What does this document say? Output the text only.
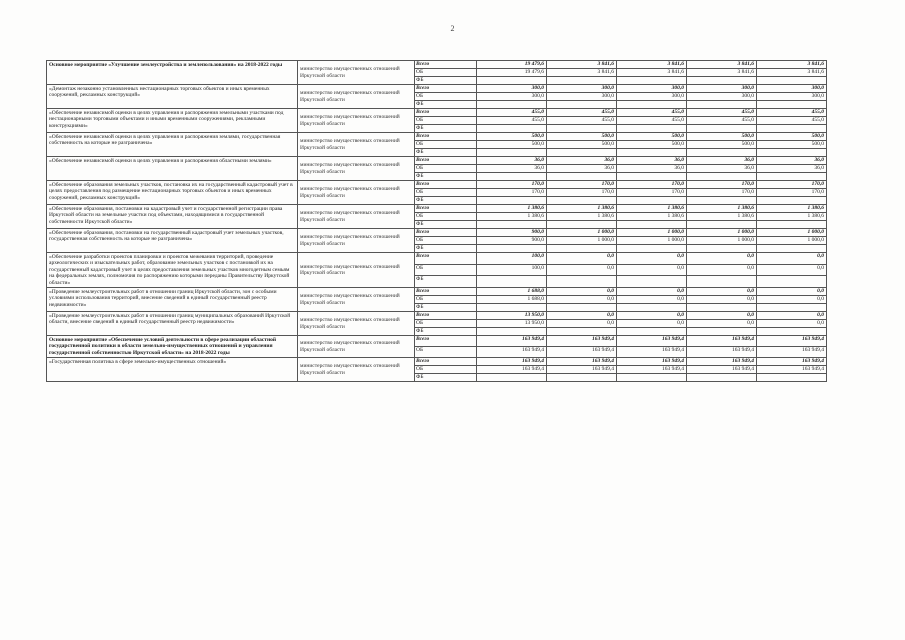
2
Основное мероприятие «Улучшение землеустройства и землепользования» на 2018-2022 годы	министерство имущественных отношений Иркутской области	Всего	19 479,6	3 841,6	3 841,6	3 841,6	3 841,6
		ОБ	19 479,6	3 841,6	3 841,6	3 841,6	3 841,6
		ФБ					
«Демонтаж незаконно установленных нестационарных торговых объектов и иных временных сооружений, рекламных конструкций»	министерство имущественных отношений Иркутской области	Всего	300,0	300,0	300,0	300,0	300,0
		ОБ	300,0	300,0	300,0	300,0	300,0
		ФБ					
«Обеспечение независимой оценки в целях управления и распоряжения земельными участками под нестационарными торговыми объектами и иными временными сооружениями, рекламными конструкциями»	министерство имущественных отношений Иркутской области	Всего	455,0	455,0	455,0	455,0	455,0
		ОБ	455,0	455,0	455,0	455,0	455,0
		ФБ					
«Обеспечение независимой оценки в целях управления и распоряжения землями, государственная собственность на которые не разграничена»	министерство имущественных отношений Иркутской области	Всего	500,0	500,0	500,0	500,0	500,0
		ОБ	500,0	500,0	500,0	500,0	500,0
		ФБ					
«Обеспечение независимой оценки в целях управления и распоряжения областными землями»	министерство имущественных отношений Иркутской области	Всего	36,0	36,0	36,0	36,0	36,0
		ОБ	36,0	36,0	36,0	36,0	36,0
		ФБ					
«Обеспечение образования земельных участков, постановка их на государственный кадастровый учет в целях предоставления под размещение нестационарных торговых объектов и иных временных сооружений, рекламных конструкций»	министерство имущественных отношений Иркутской области	Всего	170,0	170,0	170,0	170,0	170,0
		ОБ	170,0	170,0	170,0	170,0	170,0
		ФБ					
«Обеспечение образования, постановки на кадастровый учет и государственной регистрации права Иркутской области на земельные участки под объектами, находящимися в государственной собственности Иркутской области»	министерство имущественных отношений Иркутской области	Всего	1 380,6	1 380,6	1 380,6	1 380,6	1 380,6
		ОБ	1 380,6	1 380,6	1 380,6	1 380,6	1 380,6
		ФБ					
«Обеспечение образования, постановки на государственный кадастровый учет земельных участков, государственная собственность на которые не разграничена»	министерство имущественных отношений Иркутской области	Всего	900,0	1 000,0	1 000,0	1 000,0	1 000,0
		ОБ	900,0	1 000,0	1 000,0	1 000,0	1 000,0
		ФБ					
«Обеспечение разработки проектов планировки и проектов межевания территорий, проведение археологических и изыскательных работ, образование земельных участков с постановкой их на государственный кадастровый учет в целях предоставления земельных участков многодетным семьям на федеральных землях, полномочия по распоряжению которыми переданы Правительству Иркутской области»	министерство имущественных отношений Иркутской области	Всего	100,0	0,0	0,0	0,0	0,0
		ОБ	100,0	0,0	0,0	0,0	0,0
		ФБ					
«Проведение землеустроительных работ в отношении границ Иркутской области, зон с особыми условиями использования территорий, внесение сведений в единый государственный реестр недвижимости»	министерство имущественных отношений Иркутской области	Всего	1 688,0	0,0	0,0	0,0	0,0
		ОБ	1 688,0	0,0	0,0	0,0	0,0
		ФБ					
«Проведение землеустроительных работ в отношении границ муниципальных образований Иркутской области, внесение сведений в единый государственный реестр недвижимости»	министерство имущественных отношений Иркутской области	Всего	13 950,0	0,0	0,0	0,0	0,0
		ОБ	13 950,0	0,0	0,0	0,0	0,0
		ФБ					
Основное мероприятие «Обеспечение условий деятельности в сфере реализации областной государственной политики в области земельно-имущественных отношений и управления государственной собственностью Иркутской области» на 2018-2022 годы	министерство имущественных отношений Иркутской области	Всего	163 949,4	163 949,4	163 949,4	163 949,4	163 949,4
		ОБ	163 949,4	163 949,4	163 949,4	163 949,4	163 949,4
«Государственная политика в сфере земельно-имущественных отношений»	министерство имущественных отношений Иркутской области	Всего	163 949,4	163 949,4	163 949,4	163 949,4	163 949,4
		ОБ	163 949,4	163 949,4	163 949,4	163 949,4	163 949,4
		ФБ					
